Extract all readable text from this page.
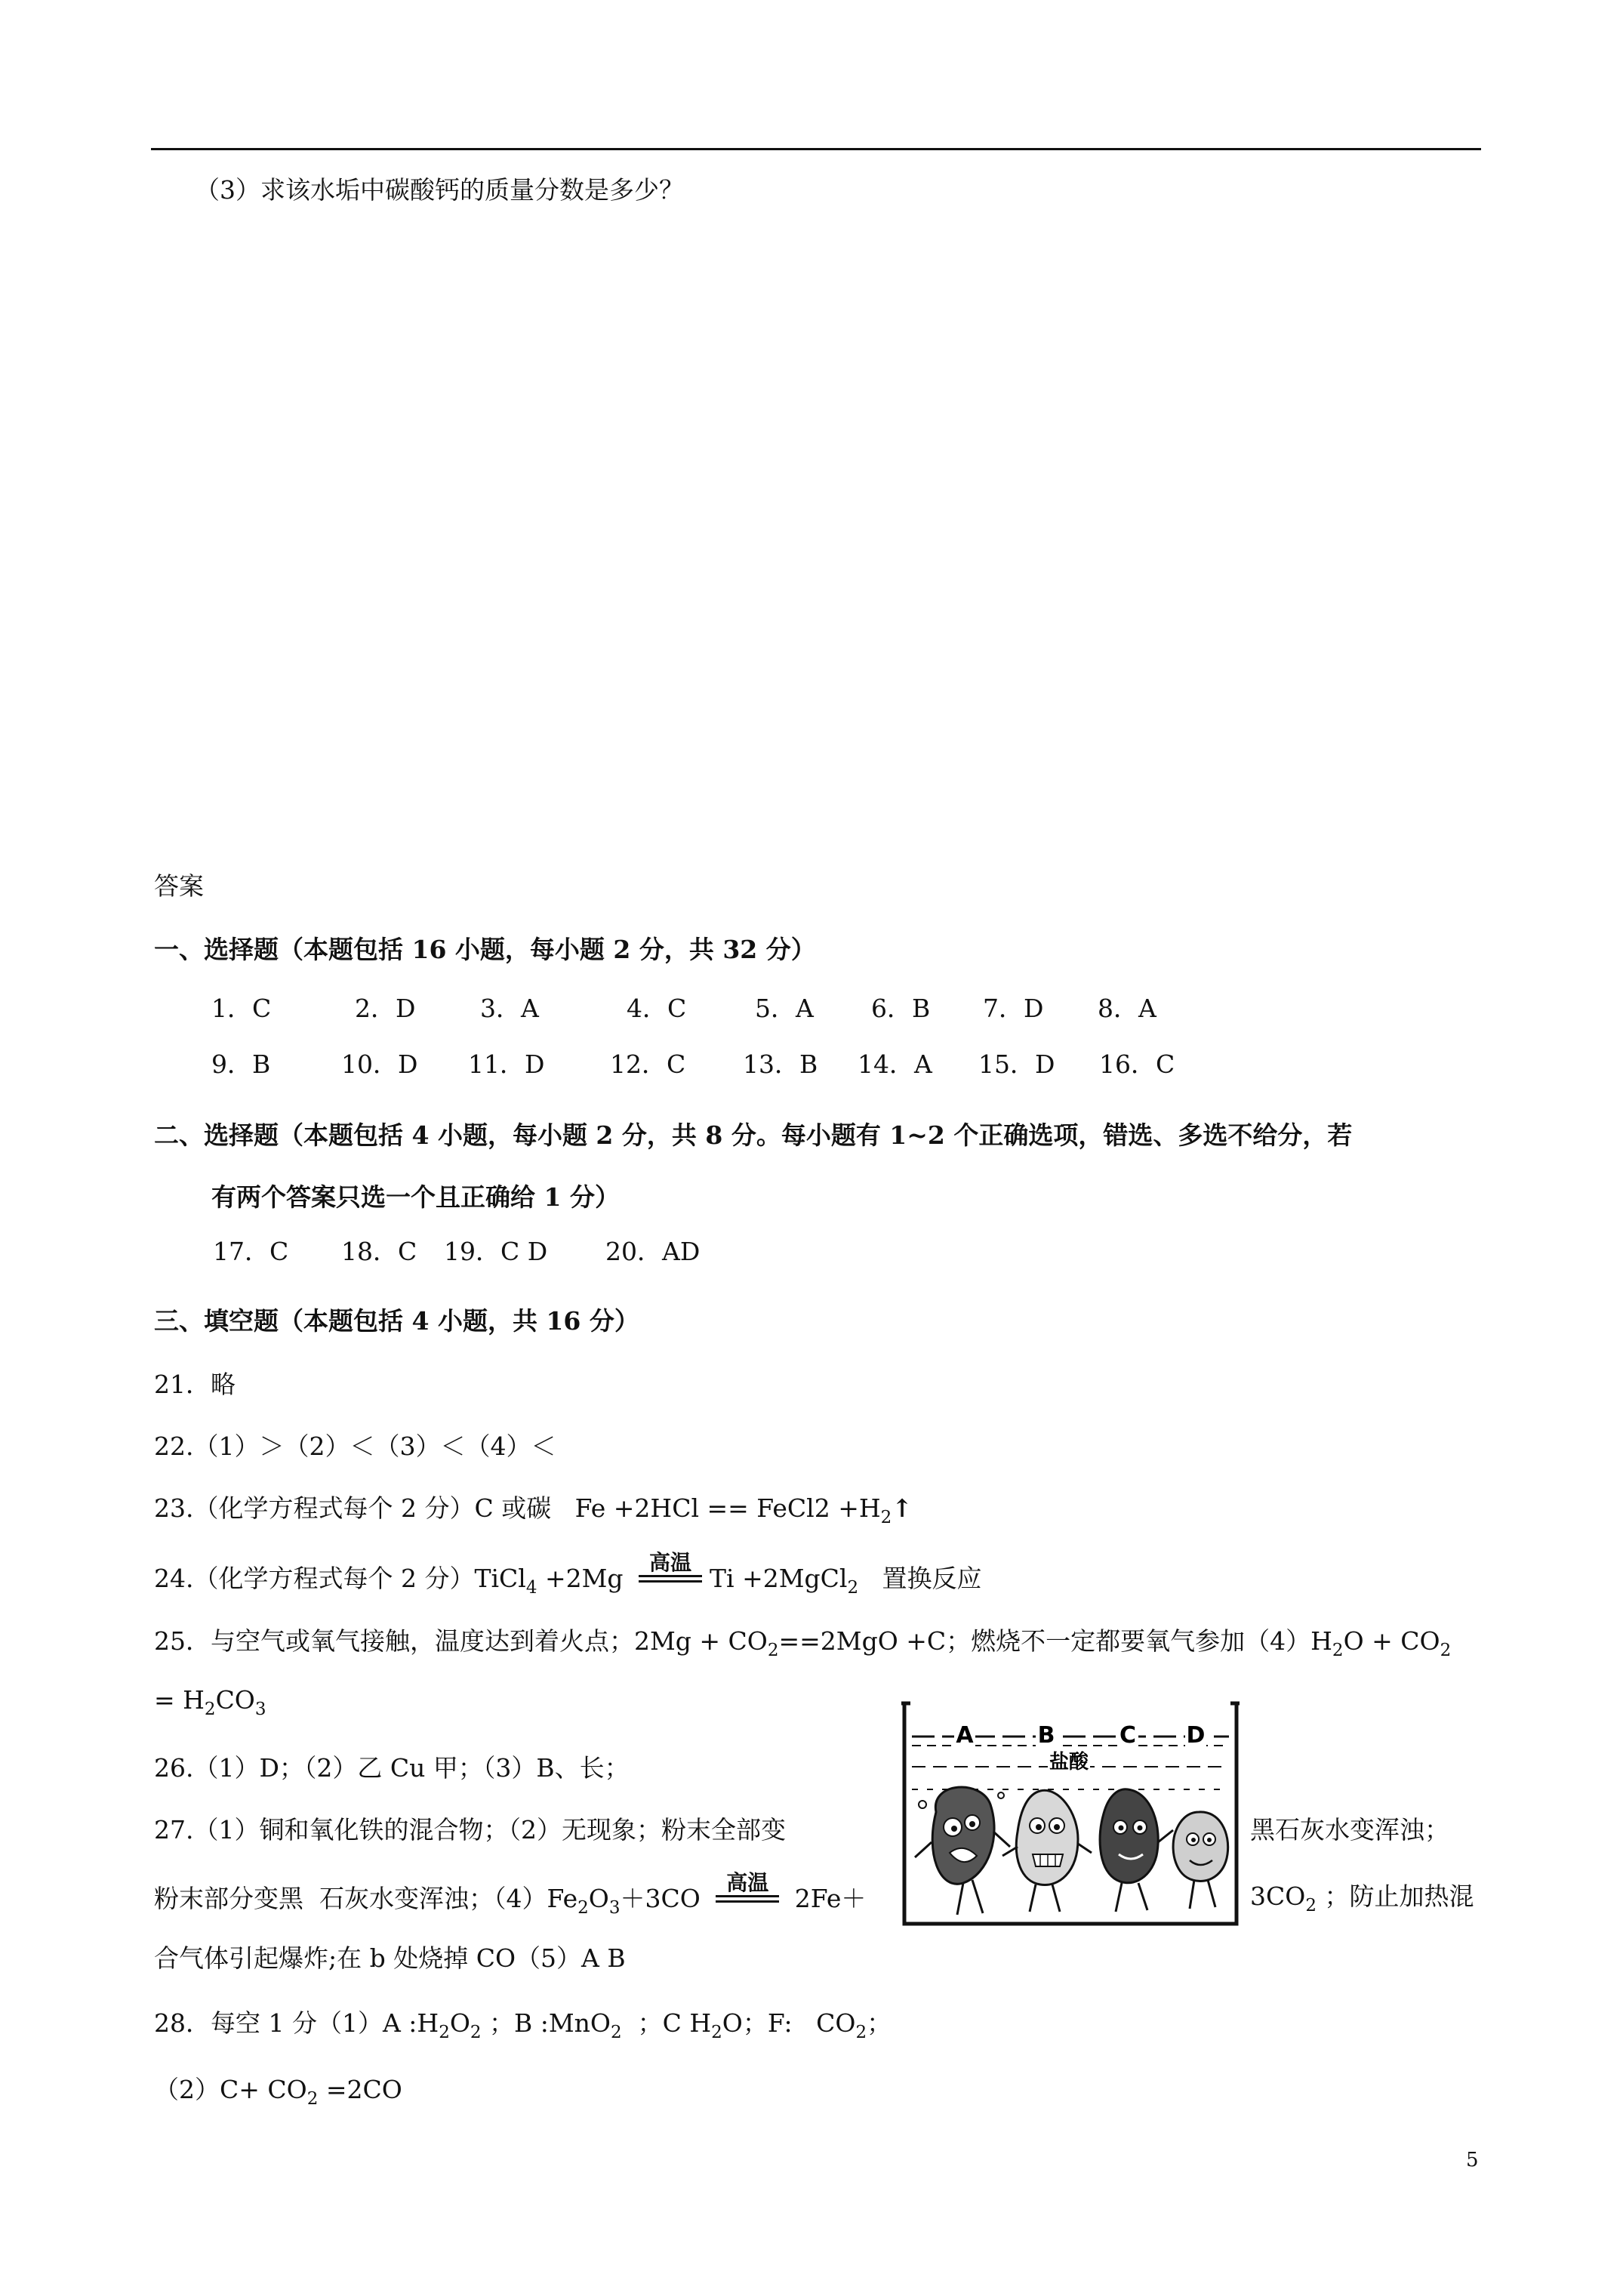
（3）求该水垢中碳酸钙的质量分数是多少？
答案
一、选择题（本题包括 16 小题，每小题 2 分，共 32 分）
1．C	2．D	3．A	4．C	5．A 6．B 7．D 8．A
9．B	10．D 11．D	12．C 13．B 14．A 15．D 16．C
二、选择题（本题包括 4 小题，每小题 2 分，共 8 分。每小题有 1~2 个正确选项，错选、多选不给分，若
有两个答案只选一个且正确给 1 分）
17．C 18．C 19．C D 20．AD
三、填空题（本题包括 4 小题，共 16 分）
21．略
22.（1）＞（2）＜（3）＜（4）＜
23.（化学方程式每个 2 分）C 或碳   Fe +2HCl == FeCl2 $+H_2↑$
24.（化学方程式每个 2 分）TiCl$_4$ +2Mg
高温
Ti +2MgCl$_2$   置换反应
25．与空气或氧气接触，温度达到着火点；$2Mg + CO_2==2MgO +C$；燃烧不一定都要氧气参加$(4)H_2O + CO_2$
= $H_2CO_3$
26.（1）D；（2）乙 Cu 甲；（3）B、长；
27.（1）铜和氧化铁的混合物；（2）无现象；粉末全部变	黑石灰水变浑浊；
粉末部分变黑  石灰水变浑浊；$(4)Fe_2O_3+3CO$
高温
2Fe＋	$3CO_2$ ；防止加热混
合气体引起爆炸;在 b 处烧掉 CO（5）A B
28．每空 1 分（1）A $:H_2O_2$ ；B :MnO$_2$  ；C $H_2O$；F:   $CO_2$；
$(2)C+ CO_2 =2CO$
A	B	C D
盐酸
5
